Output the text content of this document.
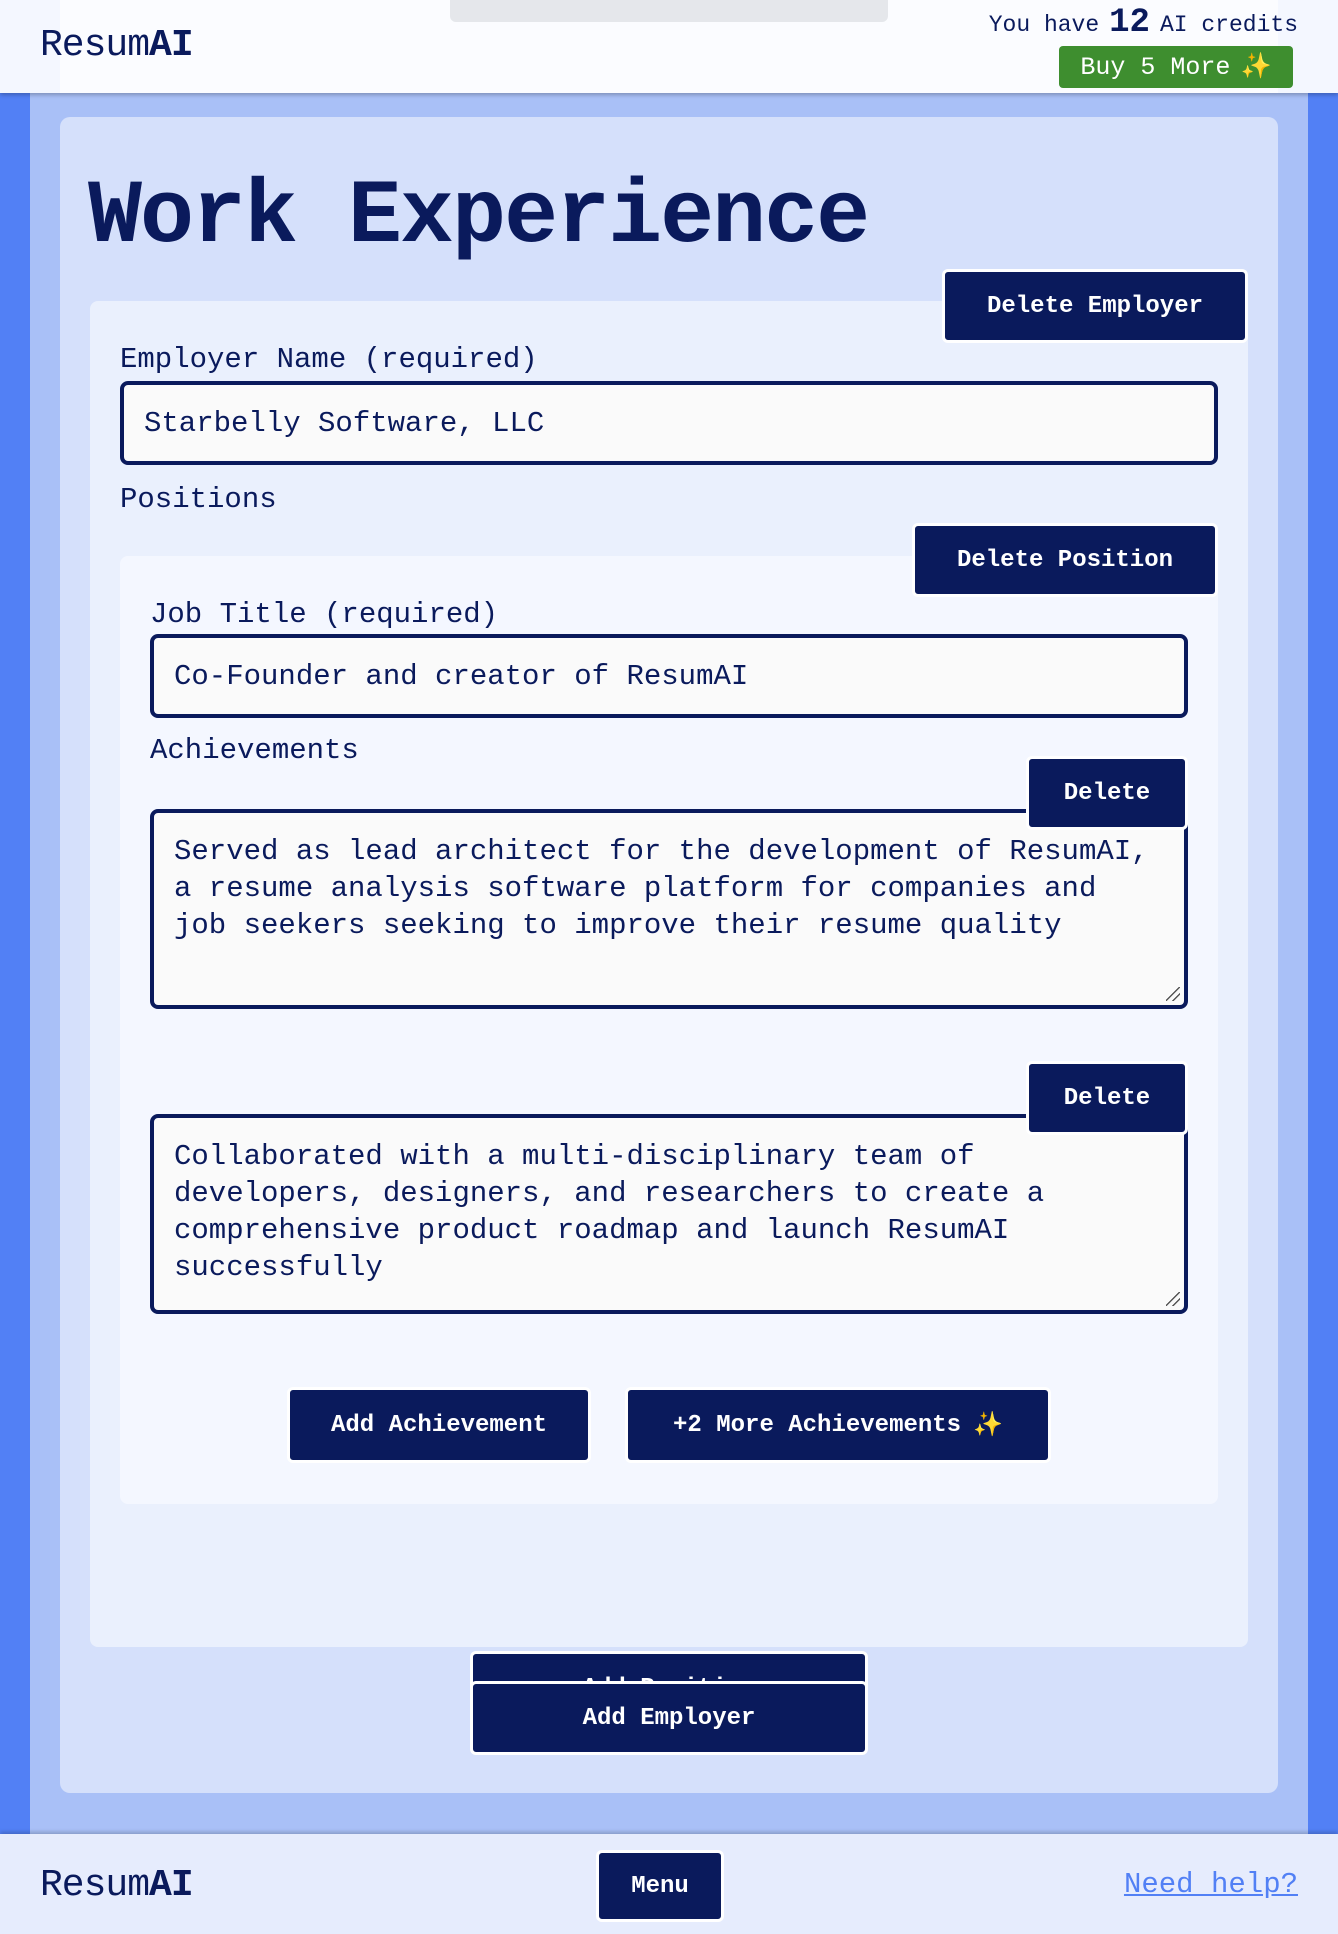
ResumAI	You have 12 AI credits
Buy 5 More ✨
Work Experience
Delete Employer
Employer Name (required)
Starbelly Software, LLC
Positions
Delete Position
Job Title (required)
Co-Founder and creator of ResumAI
Achievements
Served as lead architect for the development of ResumAI, a resume analysis software platform for companies and job seekers seeking to improve their resume quality
Delete
Collaborated with a multi-disciplinary team of developers, designers, and researchers to create a comprehensive product roadmap and launch ResumAI successfully
Delete
Add Achievement	+2 More Achievements ✨
Add Employer
ResumAI	Menu	Need help?
